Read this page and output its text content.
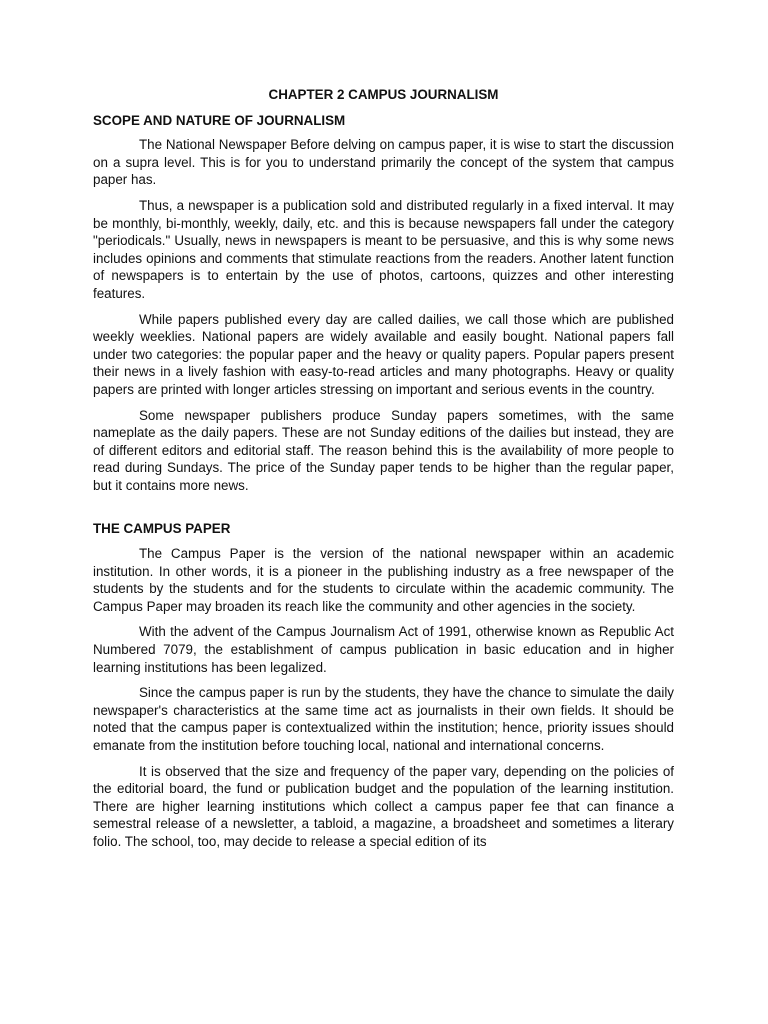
CHAPTER 2 CAMPUS JOURNALISM
SCOPE AND NATURE OF JOURNALISM

The National Newspaper Before delving on campus paper, it is wise to start the discussion on a supra level. This is for you to understand primarily the concept of the system that campus paper has.

Thus, a newspaper is a publication sold and distributed regularly in a fixed interval. It may be monthly, bi-monthly, weekly, daily, etc. and this is because newspapers fall under the category "periodicals." Usually, news in newspapers is meant to be persuasive, and this is why some news includes opinions and comments that stimulate reactions from the readers. Another latent function of newspapers is to entertain by the use of photos, cartoons, quizzes and other interesting features.

While papers published every day are called dailies, we call those which are published weekly weeklies. National papers are widely available and easily bought. National papers fall under two categories: the popular paper and the heavy or quality papers. Popular papers present their news in a lively fashion with easy-to-read articles and many photographs. Heavy or quality papers are printed with longer articles stressing on important and serious events in the country.

Some newspaper publishers produce Sunday papers sometimes, with the same nameplate as the daily papers. These are not Sunday editions of the dailies but instead, they are of different editors and editorial staff. The reason behind this is the availability of more people to read during Sundays. The price of the Sunday paper tends to be higher than the regular paper, but it contains more news.

THE CAMPUS PAPER

The Campus Paper is the version of the national newspaper within an academic institution. In other words, it is a pioneer in the publishing industry as a free newspaper of the students by the students and for the students to circulate within the academic community. The Campus Paper may broaden its reach like the community and other agencies in the society.

With the advent of the Campus Journalism Act of 1991, otherwise known as Republic Act Numbered 7079, the establishment of campus publication in basic education and in higher learning institutions has been legalized.

Since the campus paper is run by the students, they have the chance to simulate the daily newspaper's characteristics at the same time act as journalists in their own fields. It should be noted that the campus paper is contextualized within the institution; hence, priority issues should emanate from the institution before touching local, national and international concerns.

It is observed that the size and frequency of the paper vary, depending on the policies of the editorial board, the fund or publication budget and the population of the learning institution. There are higher learning institutions which collect a campus paper fee that can finance a semestral release of a newsletter, a tabloid, a magazine, a broadsheet and sometimes a literary folio. The school, too, may decide to release a special edition of its
